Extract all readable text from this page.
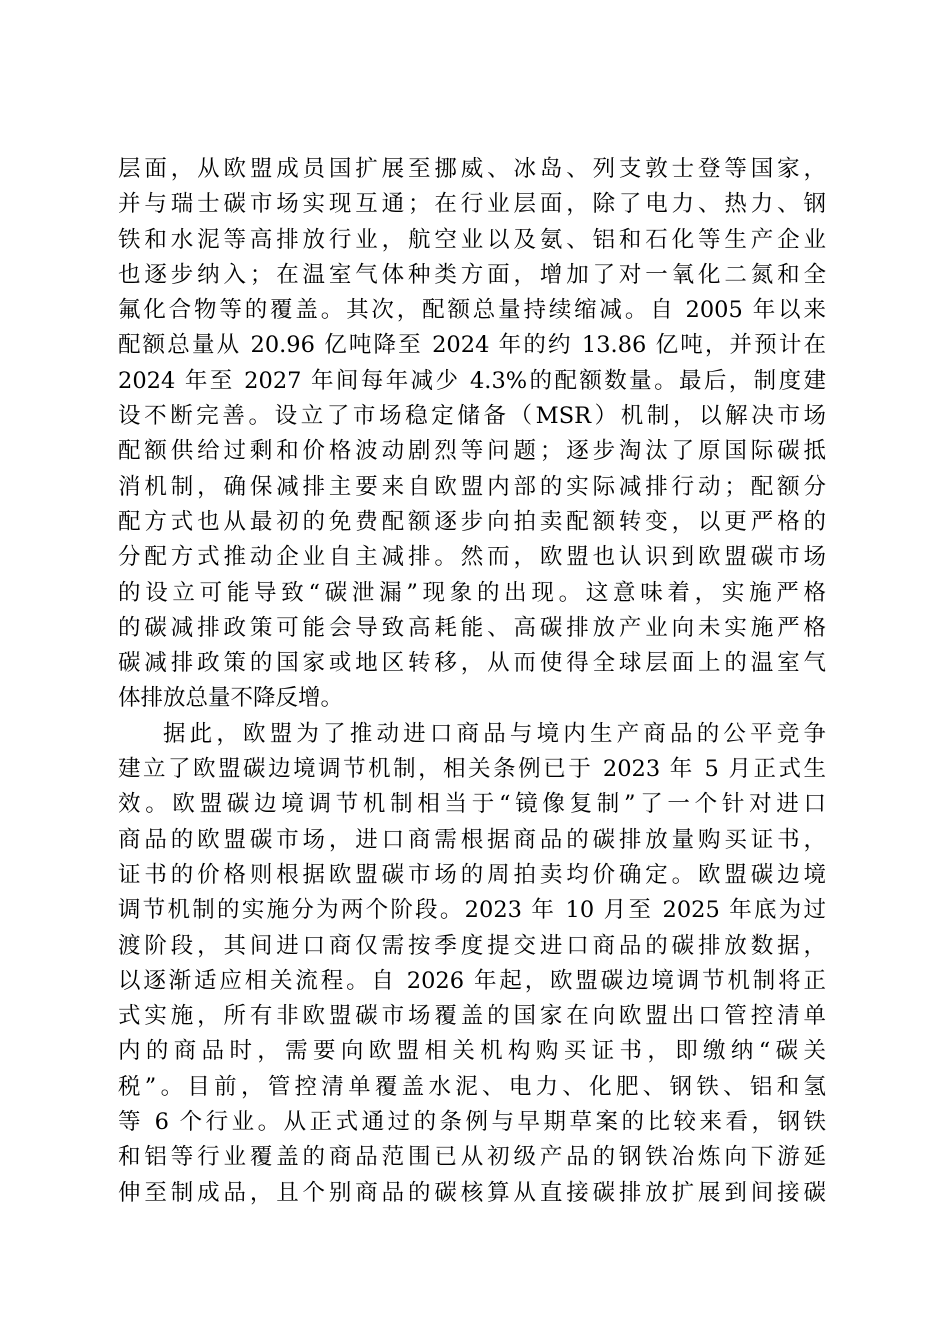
层面，从欧盟成员国扩展至挪威、冰岛、列支敦士登等国家，
并与瑞士碳市场实现互通；在行业层面，除了电力、热力、钢
铁和水泥等高排放行业，航空业以及氨、铝和石化等生产企业
也逐步纳入；在温室气体种类方面，增加了对一氧化二氮和全
氟化合物等的覆盖。其次，配额总量持续缩减。自 2005 年以来
配额总量从 20.96 亿吨降至 2024 年的约 13.86 亿吨，并预计在
2024 年至 2027 年间每年减少 4.3%的配额数量。最后，制度建
设不断完善。设立了市场稳定储备（MSR）机制，以解决市场
配额供给过剩和价格波动剧烈等问题；逐步淘汰了原国际碳抵
消机制，确保减排主要来自欧盟内部的实际减排行动；配额分
配方式也从最初的免费配额逐步向拍卖配额转变，以更严格的
分配方式推动企业自主减排。然而，欧盟也认识到欧盟碳市场
的设立可能导致“碳泄漏”现象的出现。这意味着，实施严格
的碳减排政策可能会导致高耗能、高碳排放产业向未实施严格
碳减排政策的国家或地区转移，从而使得全球层面上的温室气
体排放总量不降反增。
据此，欧盟为了推动进口商品与境内生产商品的公平竞争
建立了欧盟碳边境调节机制，相关条例已于 2023 年 5 月正式生
效。欧盟碳边境调节机制相当于“镜像复制”了一个针对进口
商品的欧盟碳市场，进口商需根据商品的碳排放量购买证书，
证书的价格则根据欧盟碳市场的周拍卖均价确定。欧盟碳边境
调节机制的实施分为两个阶段。2023 年 10 月至 2025 年底为过
渡阶段，其间进口商仅需按季度提交进口商品的碳排放数据，
以逐渐适应相关流程。自 2026 年起，欧盟碳边境调节机制将正
式实施，所有非欧盟碳市场覆盖的国家在向欧盟出口管控清单
内的商品时，需要向欧盟相关机构购买证书，即缴纳“碳关
税”。目前，管控清单覆盖水泥、电力、化肥、钢铁、铝和氢
等 6 个行业。从正式通过的条例与早期草案的比较来看，钢铁
和铝等行业覆盖的商品范围已从初级产品的钢铁冶炼向下游延
伸至制成品，且个别商品的碳核算从直接碳排放扩展到间接碳
